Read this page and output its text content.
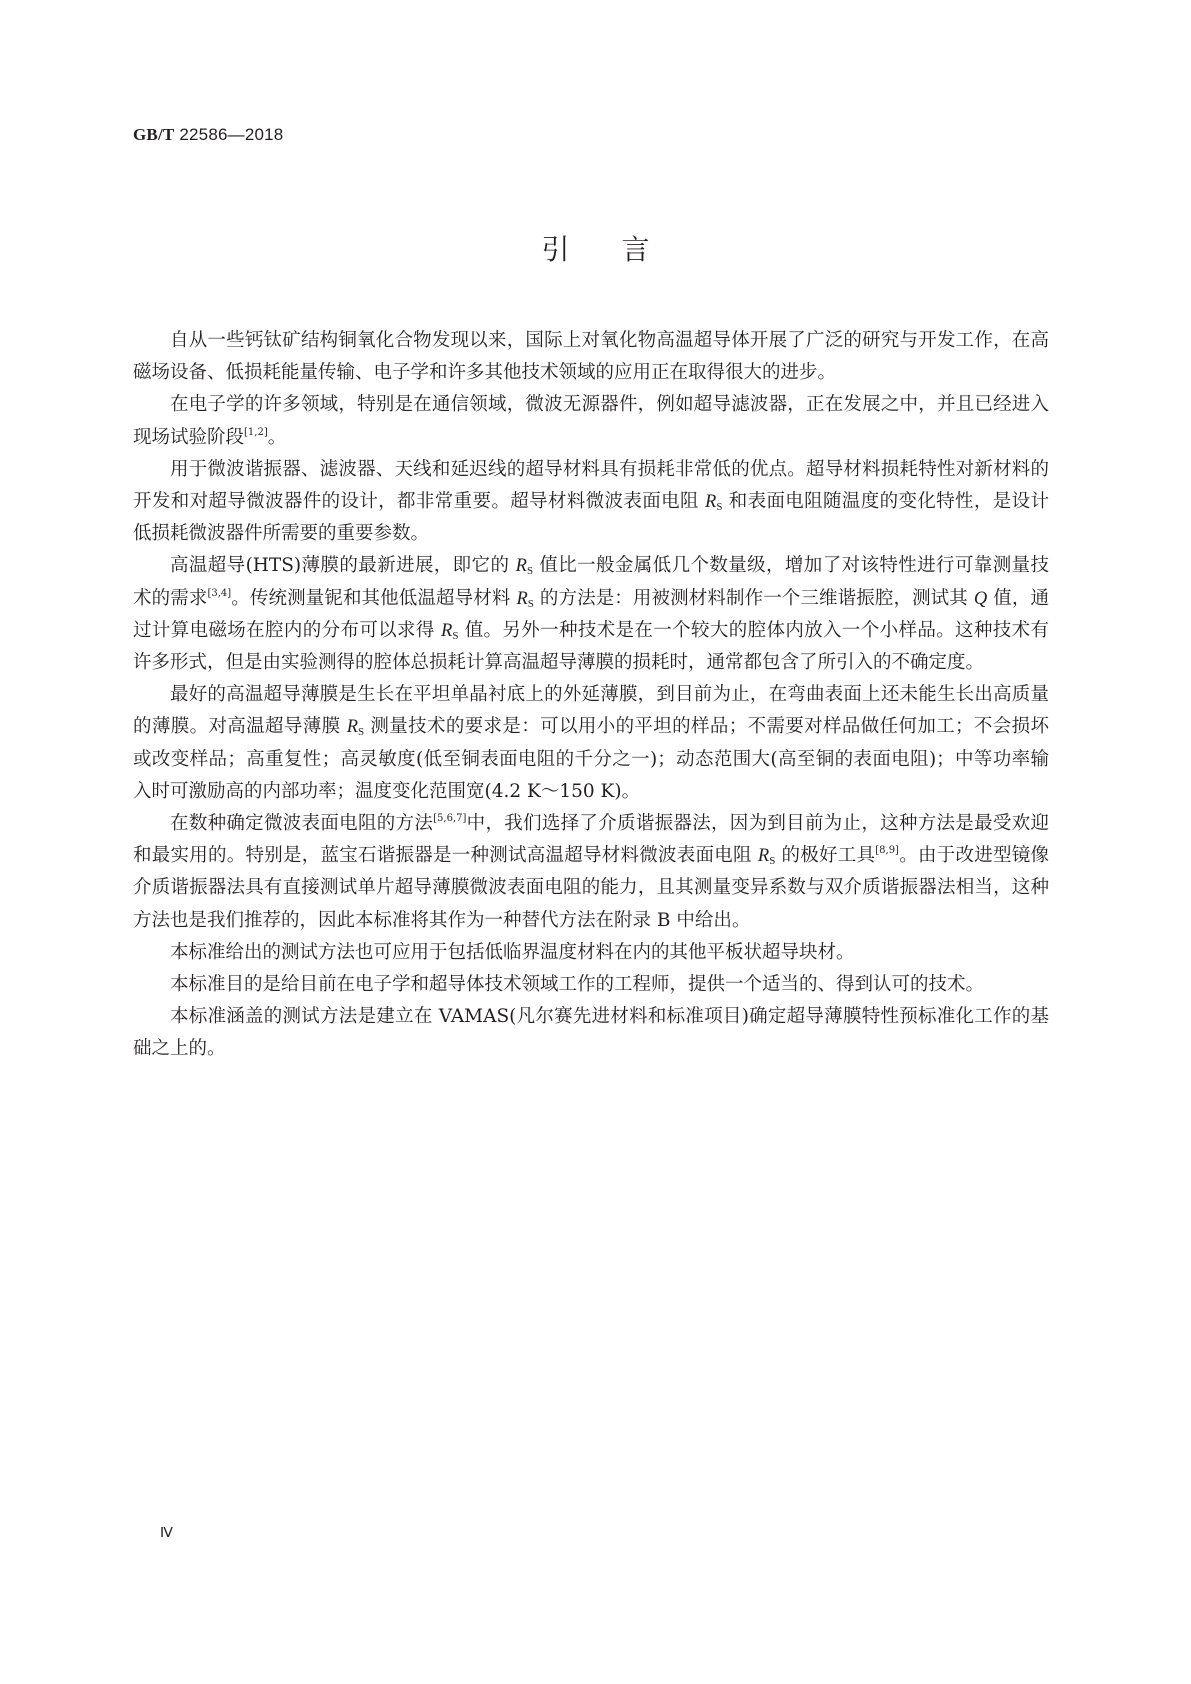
GB/T 22586—2018
引 言

自从一些钙钛矿结构铜氧化合物发现以来，国际上对氧化物高温超导体开展了广泛的研究与开发工作，在高磁场设备、低损耗能量传输、电子学和许多其他技术领域的应用正在取得很大的进步。

在电子学的许多领域，特别是在通信领域，微波无源器件，例如超导滤波器，正在发展之中，并且已经进入现场试验阶段[1,2]。

用于微波谐振器、滤波器、天线和延迟线的超导材料具有损耗非常低的优点。超导材料损耗特性对新材料的开发和对超导微波器件的设计，都非常重要。超导材料微波表面电阻 $R_S$ 和表面电阻随温度的变化特性，是设计低损耗微波器件所需要的重要参数。

高温超导(HTS)薄膜的最新进展，即它的 $R_S$ 值比一般金属低几个数量级，增加了对该特性进行可靠测量技术的需求[3,4]。传统测量铌和其他低温超导材料 $R_S$ 的方法是：用被测材料制作一个三维谐振腔，测试其 Q 值，通过计算电磁场在腔内的分布可以求得 $R_S$ 值。另外一种技术是在一个较大的腔体内放入一个小样品。这种技术有许多形式，但是由实验测得的腔体总损耗计算高温超导薄膜的损耗时，通常都包含了所引入的不确定度。

最好的高温超导薄膜是生长在平坦单晶衬底上的外延薄膜，到目前为止，在弯曲表面上还未能生长出高质量的薄膜。对高温超导薄膜 $R_S$ 测量技术的要求是：可以用小的平坦的样品；不需要对样品做任何加工；不会损坏或改变样品；高重复性；高灵敏度(低至铜表面电阻的千分之一)；动态范围大(高至铜的表面电阻)；中等功率输入时可激励高的内部功率；温度变化范围宽(4.2 K～150 K)。

在数种确定微波表面电阻的方法[5,6,7]中，我们选择了介质谐振器法，因为到目前为止，这种方法是最受欢迎和最实用的。特别是，蓝宝石谐振器是一种测试高温超导材料微波表面电阻 $R_S$ 的极好工具[8,9]。由于改进型镜像介质谐振器法具有直接测试单片超导薄膜微波表面电阻的能力，且其测量变异系数与双介质谐振器法相当，这种方法也是我们推荐的，因此本标准将其作为一种替代方法在附录 B 中给出。

本标准给出的测试方法也可应用于包括低临界温度材料在内的其他平板状超导块材。

本标准目的是给目前在电子学和超导体技术领域工作的工程师，提供一个适当的、得到认可的技术。

本标准涵盖的测试方法是建立在 VAMAS(凡尔赛先进材料和标准项目)确定超导薄膜特性预标准化工作的基础之上的。

Ⅳ
